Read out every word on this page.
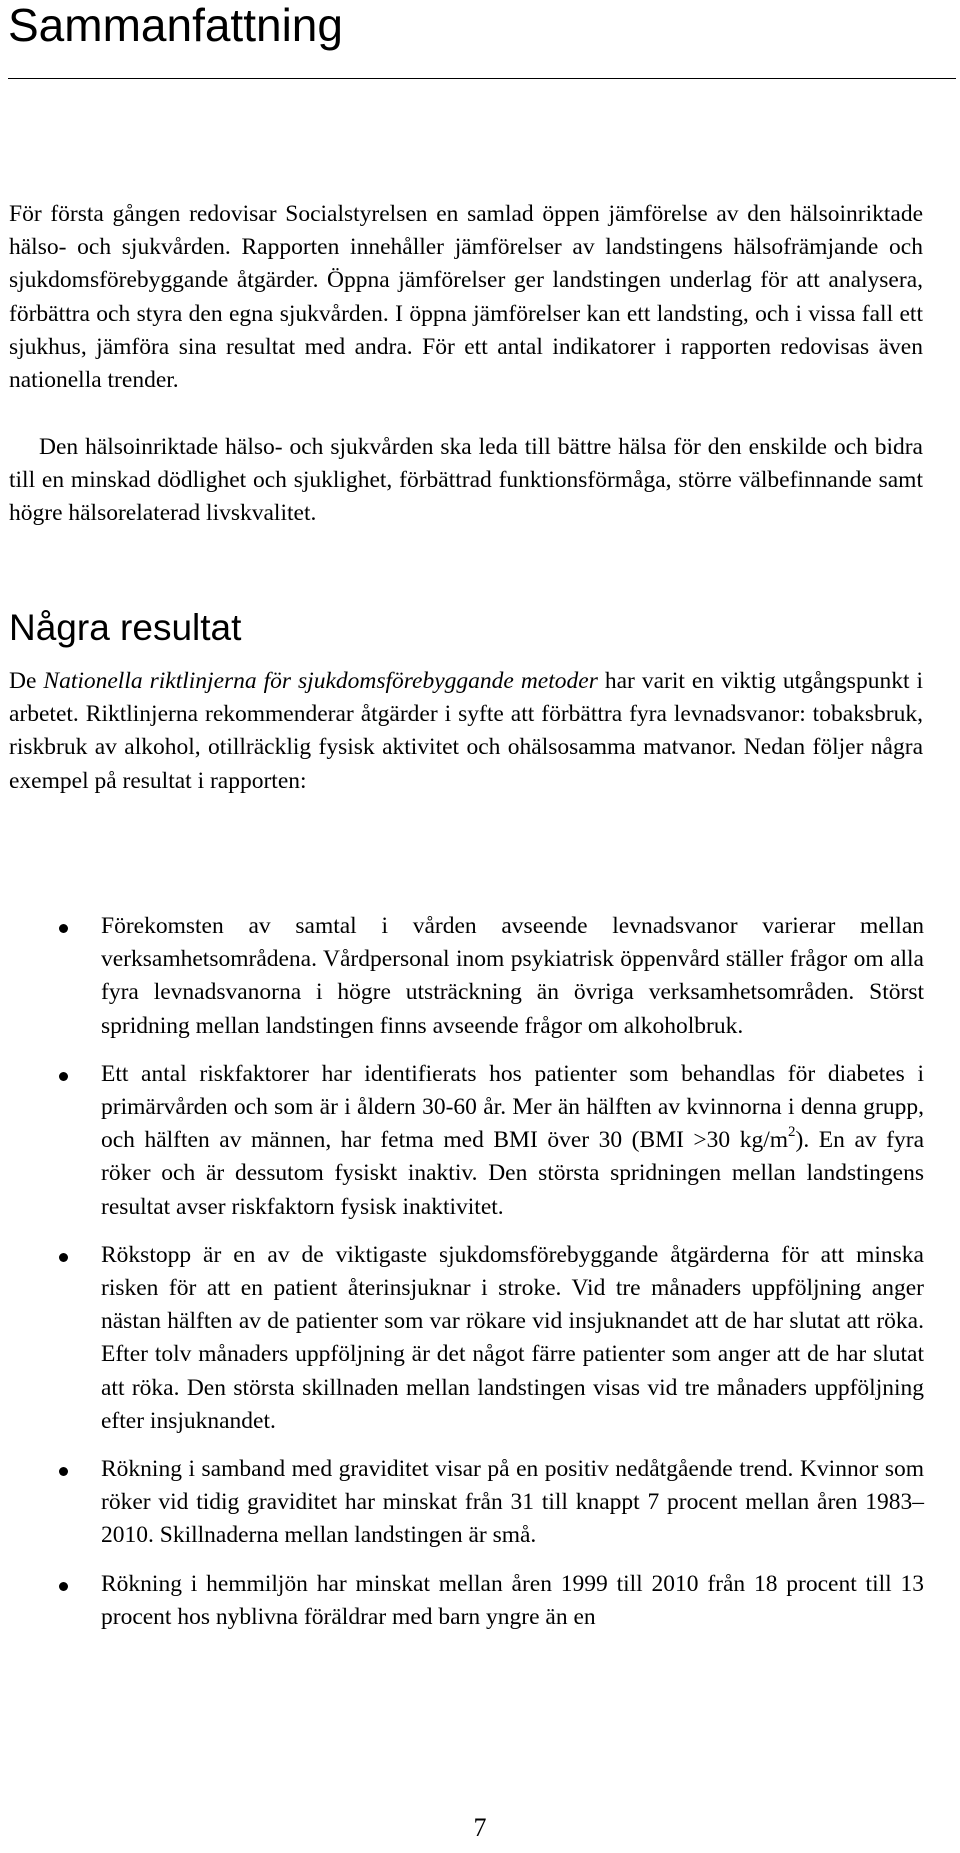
Sammanfattning

För första gången redovisar Socialstyrelsen en samlad öppen jämförelse av den hälsoinriktade hälso- och sjukvården. Rapporten innehåller jämförelser av landstingens hälsofrämjande och sjukdomsförebyggande åtgärder. Öppna jämförelser ger landstingen underlag för att analysera, förbättra och styra den egna sjukvården. I öppna jämförelser kan ett landsting, och i vissa fall ett sjukhus, jämföra sina resultat med andra. För ett antal indikatorer i rapporten redovisas även nationella trender.

Den hälsoinriktade hälso- och sjukvården ska leda till bättre hälsa för den enskilde och bidra till en minskad dödlighet och sjuklighet, förbättrad funktionsförmåga, större välbefinnande samt högre hälsorelaterad livskvalitet.

Några resultat

De Nationella riktlinjerna för sjukdomsförebyggande metoder har varit en viktig utgångspunkt i arbetet. Riktlinjerna rekommenderar åtgärder i syfte att förbättra fyra levnadsvanor: tobaksbruk, riskbruk av alkohol, otillräcklig fysisk aktivitet och ohälsosamma matvanor. Nedan följer några exempel på resultat i rapporten:

Förekomsten av samtal i vården avseende levnadsvanor varierar mellan verksamhetsområdena. Vårdpersonal inom psykiatrisk öppenvård ställer frågor om alla fyra levnadsvanorna i högre utsträckning än övriga verksamhetsområden. Störst spridning mellan landstingen finns avseende frågor om alkoholbruk.
Ett antal riskfaktorer har identifierats hos patienter som behandlas för diabetes i primärvården och som är i åldern 30-60 år. Mer än hälften av kvinnorna i denna grupp, och hälften av männen, har fetma med BMI över 30 (BMI >30 $kg/m^2$). En av fyra röker och är dessutom fysiskt inaktiv. Den största spridningen mellan landstingens resultat avser riskfaktorn fysisk inaktivitet.
Rökstopp är en av de viktigaste sjukdomsförebyggande åtgärderna för att minska risken för att en patient återinsjuknar i stroke. Vid tre månaders uppföljning anger nästan hälften av de patienter som var rökare vid insjuknandet att de har slutat att röka. Efter tolv månaders uppföljning är det något färre patienter som anger att de har slutat att röka. Den största skillnaden mellan landstingen visas vid tre månaders uppföljning efter insjuknandet.
Rökning i samband med graviditet visar på en positiv nedåtgående trend. Kvinnor som röker vid tidig graviditet har minskat från 31 till knappt 7 procent mellan åren 1983–2010. Skillnaderna mellan landstingen är små.
Rökning i hemmiljön har minskat mellan åren 1999 till 2010 från 18 procent till 13 procent hos nyblivna föräldrar med barn yngre än en
7
